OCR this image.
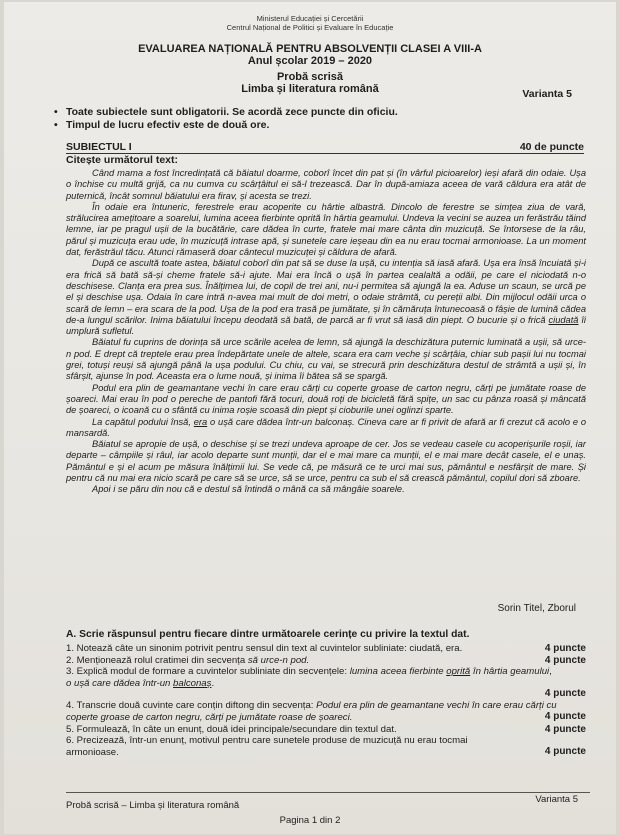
Ministerul Educației și Cercetării
Centrul Național de Politici și Evaluare în Educație
EVALUAREA NAȚIONALĂ PENTRU ABSOLVENȚII CLASEI A VIII-A
Anul școlar 2019 – 2020
Probă scrisă
Limba și literatura română	Varianta 5
• Toate subiectele sunt obligatorii. Se acordă zece puncte din oficiu.
• Timpul de lucru efectiv este de două ore.
SUBIECTUL I	40 de puncte
Citește următorul text:

Când mama a fost încredințată că băiatul doarme, coborî încet din pat și (în vârful picioarelor) ieși afară din odaie. Ușa o închise cu multă grijă, ca nu cumva cu scârțâitul ei să-l trezească. Dar în după-amiaza aceea de vară căldura era atât de puternică, încât somnul băiatului era firav, și acesta se trezi.

În odaie era întuneric, ferestrele erau acoperite cu hârtie albastră. Dincolo de ferestre se simțea ziua de vară, strălucirea amețitoare a soarelui, lumina aceea fierbinte oprită în hârtia geamului. Undeva la vecini se auzea un ferăstrău tăind lemne, iar pe pragul ușii de la bucătărie, care dădea în curte, fratele mai mare cânta din muzicuță. Se întorsese de la râu, părul și muzicuța erau ude, în muzicuță intrase apă, și sunetele care ieșeau din ea nu erau tocmai armonioase. La un moment dat, ferăstrăul tăcu. Atunci rămaseră doar cântecul muzicuței și căldura de afară.

După ce ascultă toate astea, băiatul coborî din pat să se duse la ușă, cu intenția să iasă afară. Ușa era însă încuiată și-i era frică să bată să-și cheme fratele să-i ajute. Mai era încă o ușă în partea cealaltă a odăii, pe care el niciodată n-o deschisese. Clanța era prea sus. Înălțimea lui, de copil de trei ani, nu-i permitea să ajungă la ea. Aduse un scaun, se urcă pe el și deschise ușa. Odaia în care intră n-avea mai mult de doi metri, o odaie strâmtă, cu pereții albi. Din mijlocul odăii urca o scară de lemn – era scara de la pod. Ușa de la pod era trasă pe jumătate, și în cămăruța întunecoasă o fâșie de lumină cădea de-a lungul scărilor. Inima băiatului începu deodată să bată, de parcă ar fi vrut să iasă din piept. O bucurie și o frică ciudată îi umplură sufletul.

Băiatul fu cuprins de dorința să urce scările acelea de lemn, să ajungă la deschizătura puternic luminată a ușii, să urce-n pod. E drept că treptele erau prea îndepărtate unele de altele, scara era cam veche și scârțâia, chiar sub pașii lui nu tocmai grei, totuși reuși să ajungă până la ușa podului. Cu chiu, cu vai, se strecură prin deschizătura destul de strâmtă a ușii și, în sfârșit, ajunse în pod. Aceasta era o lume nouă, și inima îi bătea să se spargă.

Podul era plin de geamantane vechi în care erau cărți cu coperte groase de carton negru, cărți pe jumătate roase de șoareci. Mai erau în pod o pereche de pantofi fără tocuri, două roți de bicicletă fără spițe, un sac cu pânza roasă și mâncată de șoareci, o icoană cu o sfântă cu inima roșie scoasă din piept și cioburile unei oglinzi sparte.

La capătul podului însă, era o ușă care dădea într-un balconaș. Cineva care ar fi privit de afară ar fi crezut că acolo e o mansardă.

Băiatul se apropie de ușă, o deschise și se trezi undeva aproape de cer. Jos se vedeau casele cu acoperișurile roșii, iar departe – câmpiile și râul, iar acolo departe sunt munții, dar el e mai mare ca munții, el e mai mare decât casele, el e unaș. Pământul e și el acum pe măsura înălțimii lui. Se vede că, pe măsură ce te urci mai sus, pământul e nesfârșit de mare. Și pentru că nu mai era nicio scară pe care să se urce, să se urce, pentru ca sub el să crească pământul, copilul dori să zboare.

Apoi i se păru din nou că e destul să întindă o mână ca să mângâie soarele.

Sorin Titel, Zborul
A. Scrie răspunsul pentru fiecare dintre următoarele cerințe cu privire la textul dat.
1. Notează câte un sinonim potrivit pentru sensul din text al cuvintelor subliniate: ciudată, era.	4 puncte
2. Menționează rolul cratimei din secvența să urce-n pod.	4 puncte
3. Explică modul de formare a cuvintelor subliniate din secvențele: lumina aceea fierbinte oprită în hârtia geamului,
o ușă care dădea într-un balconaș.
4 puncte
4. Transcrie două cuvinte care conțin diftong din secvența: Podul era plin de geamantane vechi în care erau cărți cu coperte groase de carton negru, cărți pe jumătate roase de șoareci.	4 puncte
5. Formulează, în câte un enunț, două idei principale/secundare din textul dat.	4 puncte
6. Precizează, într-un enunț, motivul pentru care sunetele produse de muzicuță nu erau tocmai armonioase.	4 puncte
Probă scrisă – Limba și literatura română
Varianta 5
Pagina 1 din 2
